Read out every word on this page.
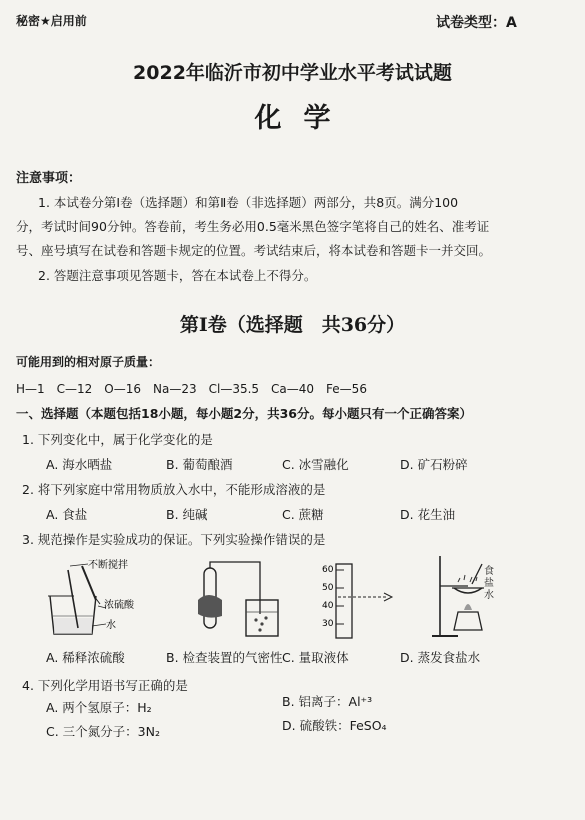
秘密★启用前	试卷类型：A
2022年临沂市初中学业水平考试试题
化学
注意事项：
1. 本试卷分第Ⅰ卷（选择题）和第Ⅱ卷（非选择题）两部分，共8页。满分100
分，考试时间90分钟。答卷前，考生务必用0.5毫米黑色签字笔将自己的姓名、准考证
号、座号填写在试卷和答题卡规定的位置。考试结束后，将本试卷和答题卡一并交回。
2. 答题注意事项见答题卡，答在本试卷上不得分。
第Ⅰ卷（选择题　共36分）
可能用到的相对原子质量：
H—1　C—12　O—16　Na—23　Cl—35.5　Ca—40　Fe—56
一、选择题（本题包括18小题，每小题2分，共36分。每小题只有一个正确答案）
1. 下列变化中，属于化学变化的是
A. 海水晒盐	B. 葡萄酿酒	C. 冰雪融化	D. 矿石粉碎
2. 将下列家庭中常用物质放入水中，不能形成溶液的是
A. 食盐	B. 纯碱	C. 蔗糖	D. 花生油
3. 规范操作是实验成功的保证。下列实验操作错误的是
不断搅拌
浓硫酸
水
60
50
40
30
食盐水
A. 稀释浓硫酸	B. 检查装置的气密性 C. 量取液体	D. 蒸发食盐水
4. 下列化学用语书写正确的是
A. 两个氢原子：H₂	B. 铝离子：Al⁺³
C. 三个氮分子：3N₂	D. 硫酸铁：FeSO₄
